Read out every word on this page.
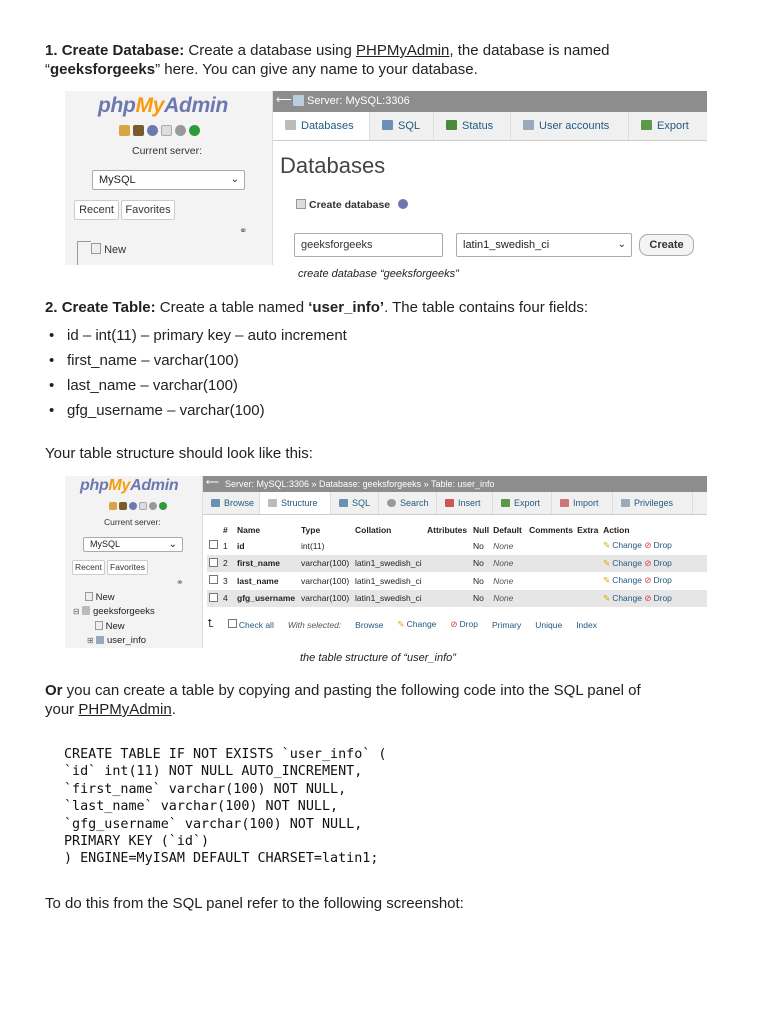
1. Create Database: Create a database using PHPMyAdmin, the database is named
“geeksforgeeks” here. You can give any name to your database.
phpMyAdmin
Current server:
MySQL	⌄
Recent	Favorites
⚭
New
⟵ Server: MySQL:3306
Databases	SQL	Status	User accounts	Export
Databases
Create database
geeksforgeeks	latin1_swedish_ci	⌄	Create
create database “geeksforgeeks”
2. Create Table: Create a table named ‘user_info’. The table contains four fields:
• id – int(11) – primary key – auto increment
• first_name – varchar(100)
• last_name – varchar(100)
• gfg_username – varchar(100)
Your table structure should look like this:
phpMyAdmin
Current server:
MySQL	⌄
Recent Favorites
⚭
New
⊟ geeksforgeeks
New
⊞ user_info
⟵ Server: MySQL:3306 » Database: geeksforgeeks » Table: user_info
Browse	Structure	SQL	Search	Insert	Export	Import	Privileges
	#	Name	Type	Collation	Attributes	Null	Default	Comments	Extra	Action
	1	id	int(11)			No	None			✎ Change ⊘ Drop
	2	first_name	varchar(100)	latin1_swedish_ci		No	None			✎ Change ⊘ Drop
	3	last_name	varchar(100)	latin1_swedish_ci		No	None			✎ Change ⊘ Drop
	4	gfg_username	varchar(100)	latin1_swedish_ci		No	None			✎ Change ⊘ Drop
⮤	Check all With selected: Browse	✎ Change	⊘ Drop Primary Unique Index
the table structure of “user_info”
Or you can create a table by copying and pasting the following code into the SQL panel of
your PHPMyAdmin.
CREATE TABLE IF NOT EXISTS `user_info` (
`id` int(11) NOT NULL AUTO_INCREMENT,
`first_name` varchar(100) NOT NULL,
`last_name` varchar(100) NOT NULL,
`gfg_username` varchar(100) NOT NULL,
PRIMARY KEY (`id`)
) ENGINE=MyISAM DEFAULT CHARSET=latin1;
To do this from the SQL panel refer to the following screenshot:
